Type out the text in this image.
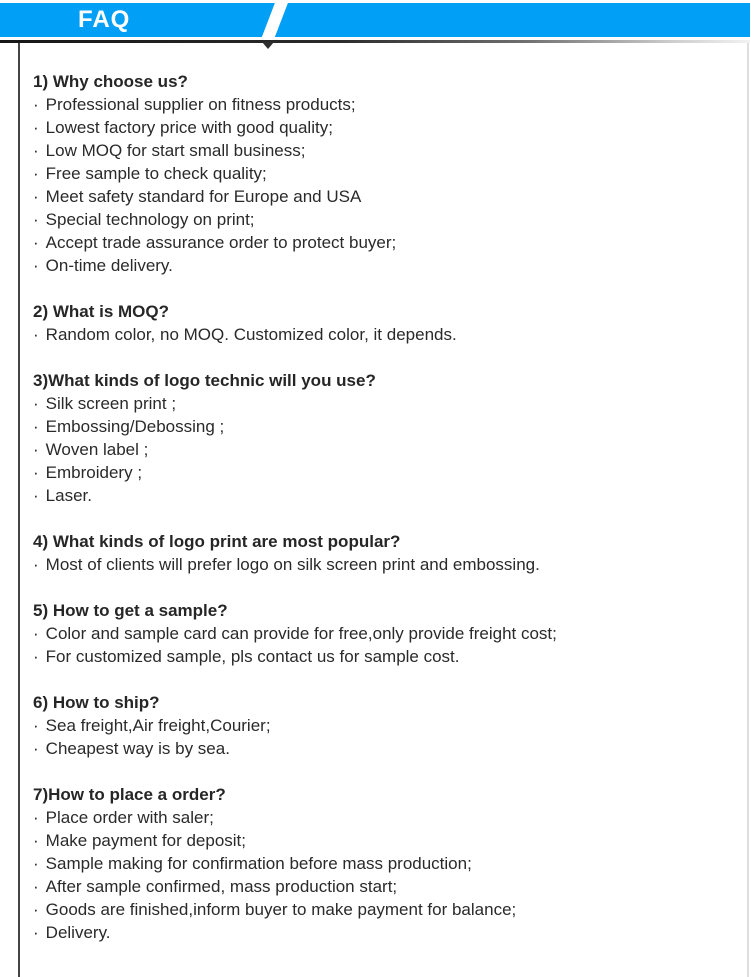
FAQ
1) Why choose us?
· Professional supplier on fitness products;
· Lowest factory price with good quality;
· Low MOQ for start small business;
· Free sample to check quality;
· Meet safety standard for Europe and USA
· Special technology on print;
· Accept trade assurance order to protect buyer;
· On-time delivery.
2) What is MOQ?
· Random color, no MOQ. Customized color, it depends.
3)What kinds of logo technic will you use?
· Silk screen print ;
· Embossing/Debossing ;
· Woven label ;
· Embroidery ;
· Laser.
4) What kinds of logo print are most popular?
· Most of clients will prefer logo on silk screen print and embossing.
5) How to get a sample?
· Color and sample card can provide for free,only provide freight cost;
· For customized sample, pls contact us for sample cost.
6) How to ship?
· Sea freight,Air freight,Courier;
· Cheapest way is by sea.
7)How to place a order?
· Place order with saler;
· Make payment for deposit;
· Sample making for confirmation before mass production;
· After sample confirmed, mass production start;
· Goods are finished,inform buyer to make payment for balance;
· Delivery.
